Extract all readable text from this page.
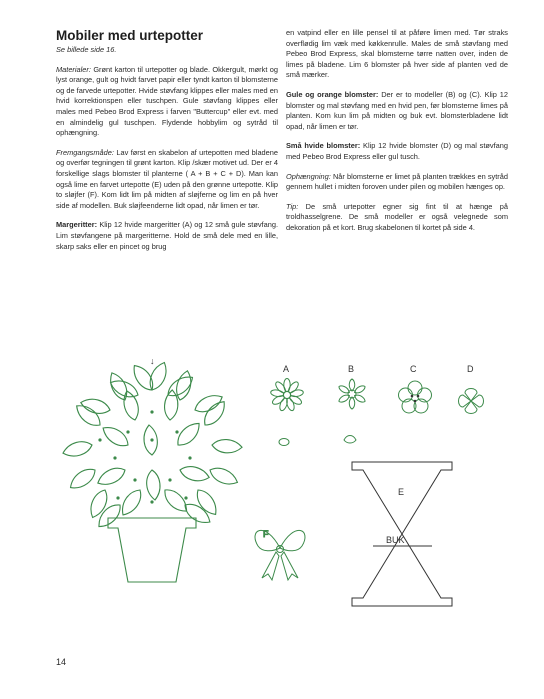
Mobiler med urtepotter
Se billede side 16.

Materialer: Grønt karton til urtepotter og blade. Okkergult, mørkt og lyst orange, gult og hvidt farvet papir eller tyndt karton til blomsterne og de farvede urtepotter. Hvide støvfang klippes eller males med en hvid korrektionspen eller tuschpen. Gule støvfang klippes eller males med Pebeo Brod Express i farven "Buttercup" eller evt. med en almindelig gul tuschpen. Flydende hobbylim og sytråd til ophængning.

Fremgangsmåde: Lav først en skabelon af urtepotten med bladene og overfør tegningen til grønt karton. Klip /skær motivet ud. Der er 4 forskellige slags blomster til planterne ( A + B + C + D). Man kan også lime en farvet urtepotte (E) uden på den grønne urtepotte. Klip to sløjfer (F). Kom lidt lim på midten af sløjferne og lim en på hver side af modellen. Buk sløjfeenderne lidt opad, når limen er tør.

Margeritter: Klip 12 hvide margeritter (A) og 12 små gule støvfang. Lim støvfangene på margeritterne. Hold de små dele med en lille, skarp saks eller en pincet og brug

en vatpind eller en lille pensel til at påføre limen med. Tør straks overflødig lim væk med køkkenrulle. Males de små støvfang med Pebeo Brod Express, skal blomsterne tørre natten over, inden de limes på bladene. Lim 6 blomster på hver side af planten ved de små mærker.

Gule og orange blomster: Der er to modeller (B) og (C). Klip 12 blomster og mal støvfang med en hvid pen, før blomsterne limes på planten. Kom kun lim på midten og buk evt. blomsterbladene lidt opad, når limen er tør.

Små hvide blomster: Klip 12 hvide blomster (D) og mal støvfang med Pebeo Brod Express eller gul tusch.

Ophængning: Når blomsterne er limet på planten trækkes en sytråd gennem hullet i midten foroven under pilen og mobilen hænges op.

Tip: De små urtepotter egner sig fint til at hænge på troldhasselgrene. De små modeller er også velegnede som dekoration på et kort. Brug skabelonen til kortet på side 4.

↓
A	B	C	D
F
E
BUK
14
